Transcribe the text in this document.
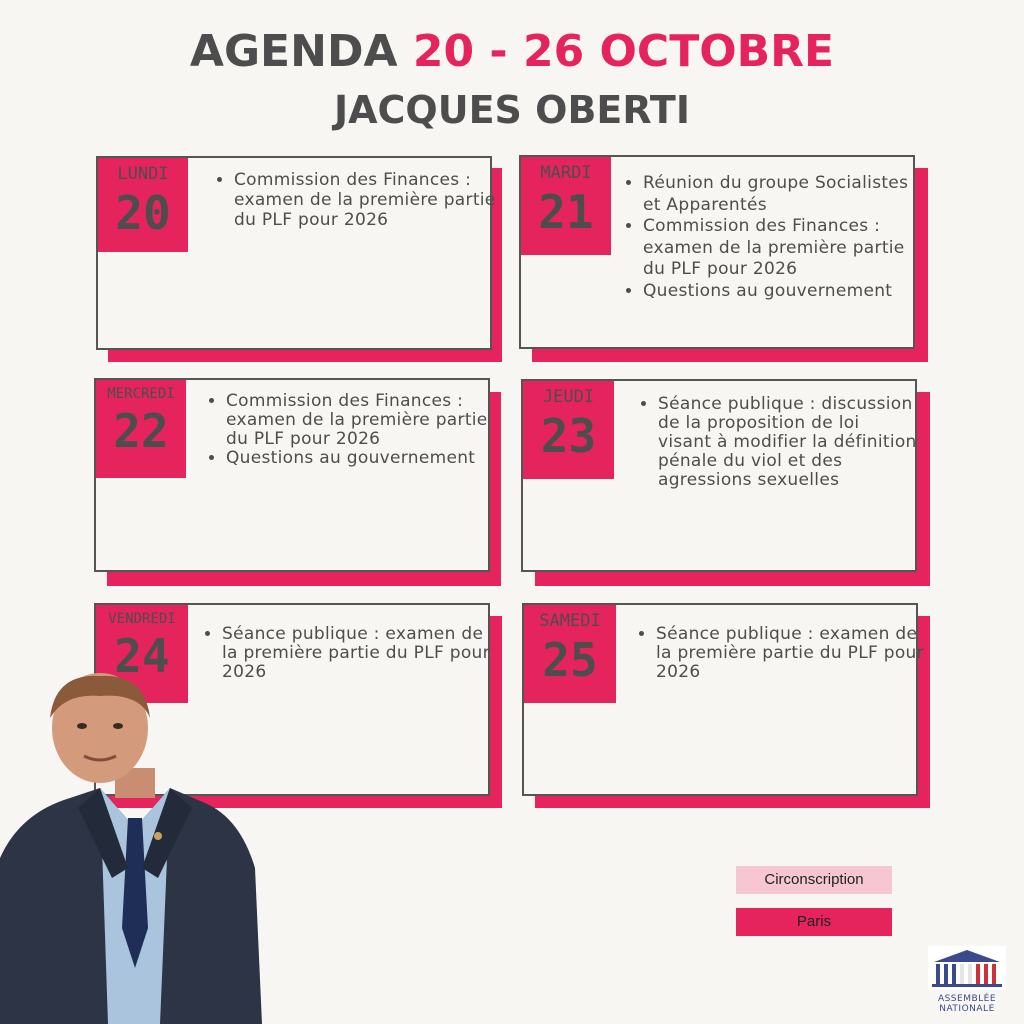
AGENDA 20 - 26 OCTOBRE
JACQUES OBERTI
LUNDI
20
• Commission des Finances : examen de la première partie du PLF pour 2026
MARDI
21
• Réunion du groupe Socialistes et Apparentés
• Commission des Finances : examen de la première partie du PLF pour 2026
• Questions au gouvernement
MERCREDI
22
• Commission des Finances : examen de la première partie du PLF pour 2026
• Questions au gouvernement
JEUDI
23
• Séance publique : discussion de la proposition de loi visant à modifier la définition pénale du viol et des agressions sexuelles
VENDREDI
24	• Séance publique : examen de la première partie du PLF pour 2026
SAMEDI
25	• Séance publique : examen de la première partie du PLF pour 2026
Circonscription
Paris
ASSEMBLÉE
NATIONALE
